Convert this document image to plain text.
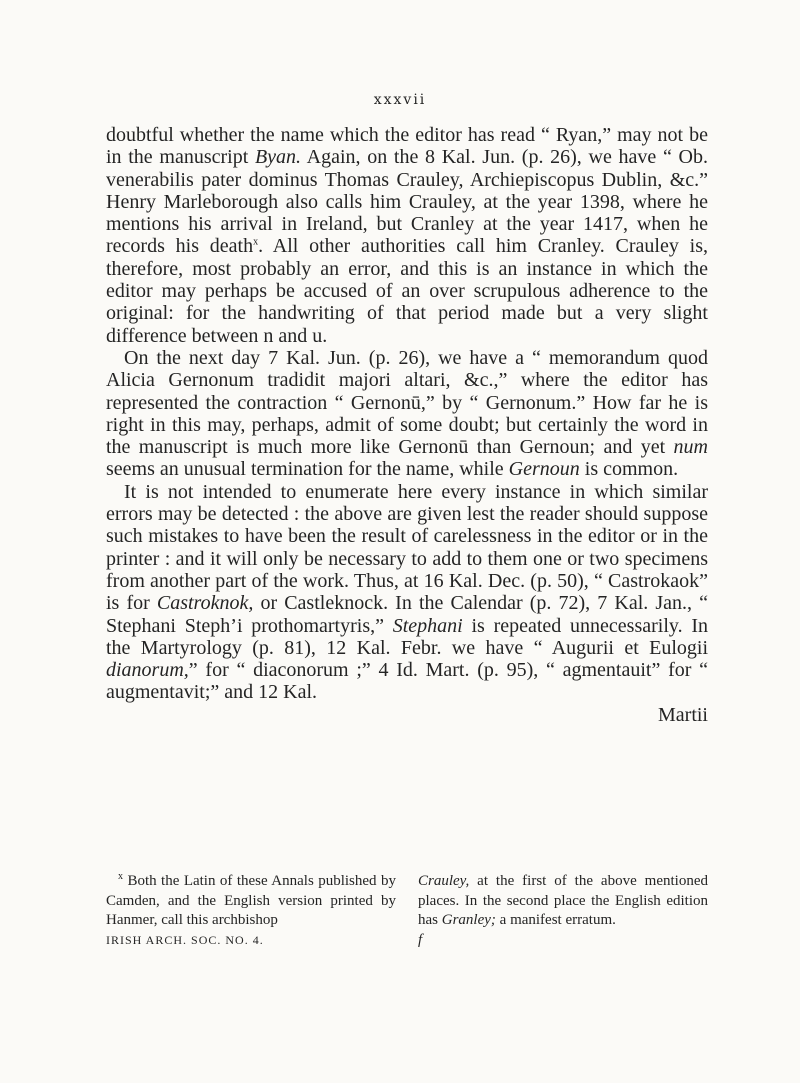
xxxvii

doubtful whether the name which the editor has read “ Ryan,” may not be in the manuscript Byan. Again, on the 8 Kal. Jun. (p. 26), we have “ Ob. venerabilis pater dominus Thomas Crauley, Archiepiscopus Dublin, &c.” Henry Marleborough also calls him Crauley, at the year 1398, where he mentions his arrival in Ireland, but Cranley at the year 1417, when he records his death$^x$. All other authorities call him Cranley. Crauley is, therefore, most probably an error, and this is an instance in which the editor may perhaps be accused of an over scrupulous adherence to the original: for the handwriting of that period made but a very slight difference between n and u.

On the next day 7 Kal. Jun. (p. 26), we have a “ memorandum quod Alicia Gernonum tradidit majori altari, &c.,” where the editor has represented the contraction “ Gernonū,” by “ Gernonum.” How far he is right in this may, perhaps, admit of some doubt; but certainly the word in the manuscript is much more like Gernonū than Gernoun; and yet num seems an unusual termination for the name, while Gernoun is common.

It is not intended to enumerate here every instance in which similar errors may be detected : the above are given lest the reader should suppose such mistakes to have been the result of carelessness in the editor or in the printer : and it will only be necessary to add to them one or two specimens from another part of the work. Thus, at 16 Kal. Dec. (p. 50), “ Castrokaok” is for Castroknok, or Castleknock. In the Calendar (p. 72), 7 Kal. Jan., “ Stephani Steph’i prothomartyris,” Stephani is repeated unnecessarily. In the Martyrology (p. 81), 12 Kal. Febr. we have “ Augurii et Eulogii dianorum,” for “ diaconorum ;” 4 Id. Mart. (p. 95), “ agmentauit” for “ augmentavit;” and 12 Kal.

Martii

$^x$ Both the Latin of these Annals published by Camden, and the English version printed by Hanmer, call this archbishop

IRISH ARCH. SOC. NO. 4.

Crauley, at the first of the above mentioned places. In the second place the English edition has Granley; a manifest erratum.

f
